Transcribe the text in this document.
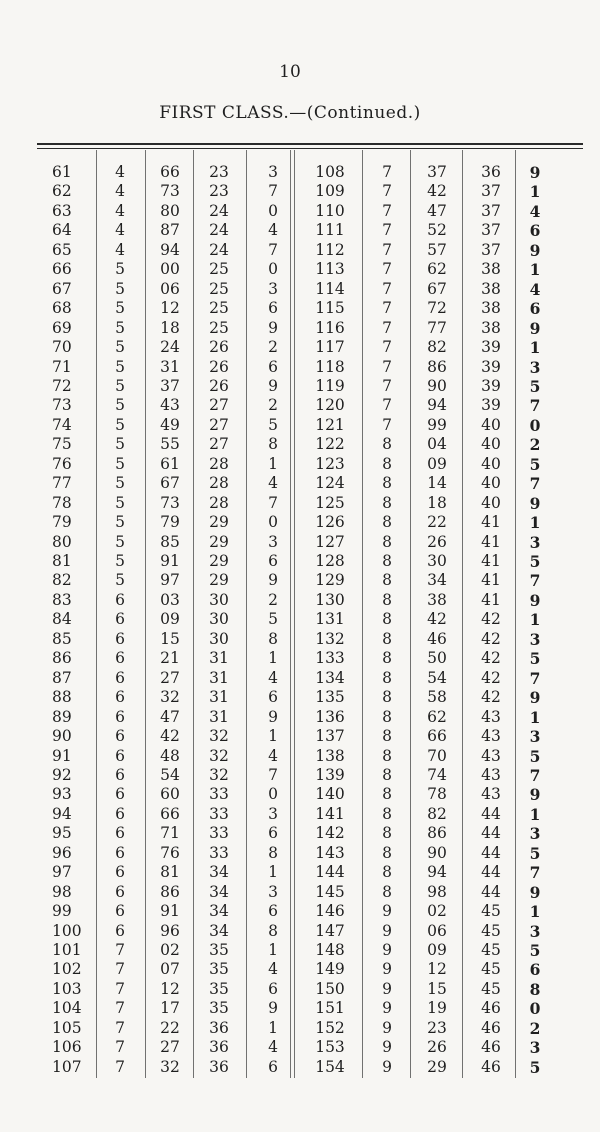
10
FIRST CLASS.—(Continued.)
61	4	66	23	3	108	7	37	36	9
62	4	73	23	7	109	7	42	37	1
63	4	80	24	0	110	7	47	37	4
64	4	87	24	4	111	7	52	37	6
65	4	94	24	7	112	7	57	37	9
66	5	00	25	0	113	7	62	38	1
67	5	06	25	3	114	7	67	38	4
68	5	12	25	6	115	7	72	38	6
69	5	18	25	9	116	7	77	38	9
70	5	24	26	2	117	7	82	39	1
71	5	31	26	6	118	7	86	39	3
72	5	37	26	9	119	7	90	39	5
73	5	43	27	2	120	7	94	39	7
74	5	49	27	5	121	7	99	40	0
75	5	55	27	8	122	8	04	40	2
76	5	61	28	1	123	8	09	40	5
77	5	67	28	4	124	8	14	40	7
78	5	73	28	7	125	8	18	40	9
79	5	79	29	0	126	8	22	41	1
80	5	85	29	3	127	8	26	41	3
81	5	91	29	6	128	8	30	41	5
82	5	97	29	9	129	8	34	41	7
83	6	03	30	2	130	8	38	41	9
84	6	09	30	5	131	8	42	42	1
85	6	15	30	8	132	8	46	42	3
86	6	21	31	1	133	8	50	42	5
87	6	27	31	4	134	8	54	42	7
88	6	32	31	6	135	8	58	42	9
89	6	47	31	9	136	8	62	43	1
90	6	42	32	1	137	8	66	43	3
91	6	48	32	4	138	8	70	43	5
92	6	54	32	7	139	8	74	43	7
93	6	60	33	0	140	8	78	43	9
94	6	66	33	3	141	8	82	44	1
95	6	71	33	6	142	8	86	44	3
96	6	76	33	8	143	8	90	44	5
97	6	81	34	1	144	8	94	44	7
98	6	86	34	3	145	8	98	44	9
99	6	91	34	6	146	9	02	45	1
100	6	96	34	8	147	9	06	45	3
101	7	02	35	1	148	9	09	45	5
102	7	07	35	4	149	9	12	45	6
103	7	12	35	6	150	9	15	45	8
104	7	17	35	9	151	9	19	46	0
105	7	22	36	1	152	9	23	46	2
106	7	27	36	4	153	9	26	46	3
107	7	32	36	6	154	9	29	46	5
